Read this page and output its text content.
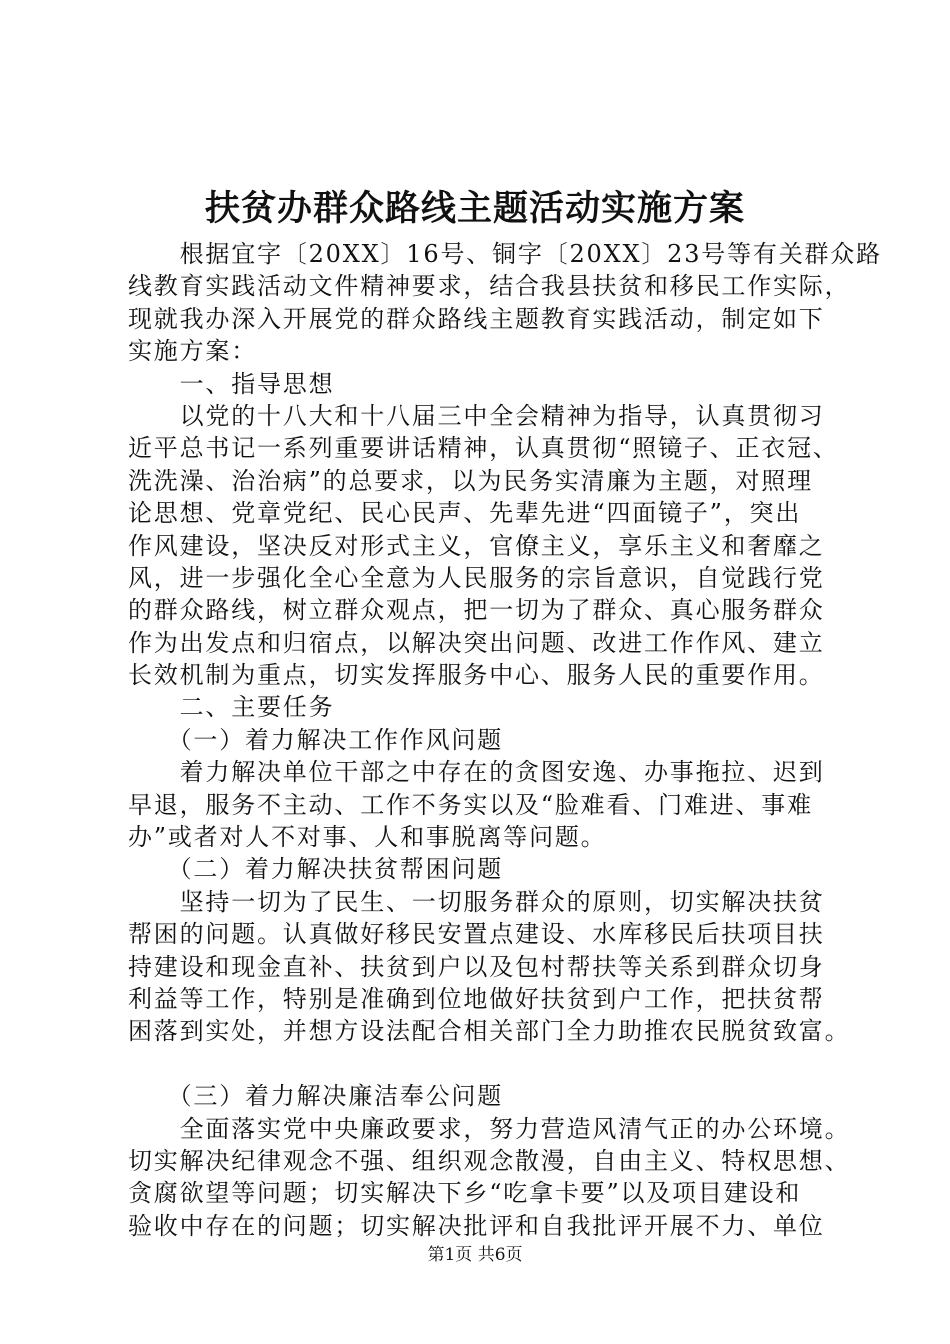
扶贫办群众路线主题活动实施方案
　　根据宜字〔20XX〕16号、铜字〔20XX〕23号等有关群众路
线教育实践活动文件精神要求，结合我县扶贫和移民工作实际，
现就我办深入开展党的群众路线主题教育实践活动，制定如下
实施方案：
　　一、指导思想
　　以党的十八大和十八届三中全会精神为指导，认真贯彻习
近平总书记一系列重要讲话精神，认真贯彻“照镜子、正衣冠、
洗洗澡、治治病”的总要求，以为民务实清廉为主题，对照理
论思想、党章党纪、民心民声、先辈先进“四面镜子”，突出
作风建设，坚决反对形式主义，官僚主义，享乐主义和奢靡之
风，进一步强化全心全意为人民服务的宗旨意识，自觉践行党
的群众路线，树立群众观点，把一切为了群众、真心服务群众
作为出发点和归宿点，以解决突出问题、改进工作作风、建立
长效机制为重点，切实发挥服务中心、服务人民的重要作用。
　　二、主要任务
　　（一）着力解决工作作风问题
　　着力解决单位干部之中存在的贪图安逸、办事拖拉、迟到
早退，服务不主动、工作不务实以及“脸难看、门难进、事难
办”或者对人不对事、人和事脱离等问题。
　　（二）着力解决扶贫帮困问题
　　坚持一切为了民生、一切服务群众的原则，切实解决扶贫
帮困的问题。认真做好移民安置点建设、水库移民后扶项目扶
持建设和现金直补、扶贫到户以及包村帮扶等关系到群众切身
利益等工作，特别是准确到位地做好扶贫到户工作，把扶贫帮
困落到实处，并想方设法配合相关部门全力助推农民脱贫致富。
　　（三）着力解决廉洁奉公问题
　　全面落实党中央廉政要求，努力营造风清气正的办公环境。
切实解决纪律观念不强、组织观念散漫，自由主义、特权思想、
贪腐欲望等问题；切实解决下乡“吃拿卡要”以及项目建设和
验收中存在的问题；切实解决批评和自我批评开展不力、单位
第1页 共6页
